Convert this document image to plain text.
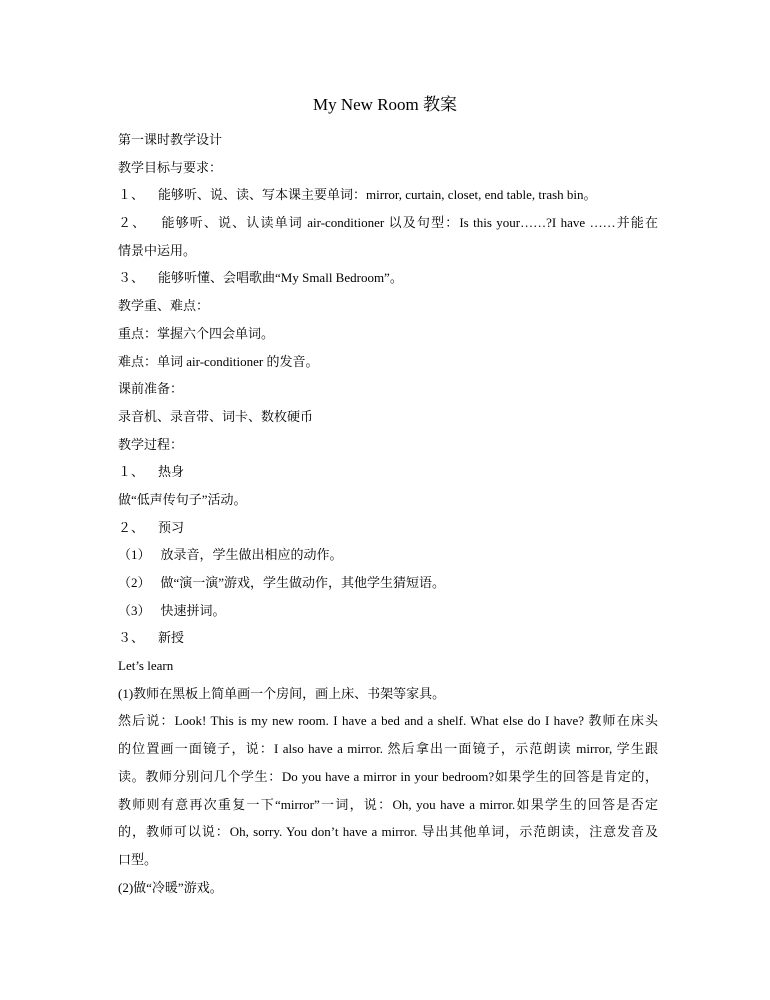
My New Room 教案
第一课时教学设计
教学目标与要求：
１、 能够听、说、读、写本课主要单词：mirror, curtain, closet, end table, trash bin。
２、 能够听、说、认读单词 air-conditioner 以及句型：Is this your……?I have ……并能在
情景中运用。
３、 能够听懂、会唱歌曲“My Small Bedroom”。
教学重、难点：
重点：掌握六个四会单词。
难点：单词 air-conditioner 的发音。
课前准备：
录音机、录音带、词卡、数枚硬币
教学过程：
１、 热身
做“低声传句子”活动。
２、 预习
（1） 放录音，学生做出相应的动作。
（2） 做“演一演”游戏，学生做动作，其他学生猜短语。
（3） 快速拼词。
３、 新授
Let’s learn
(1)教师在黑板上简单画一个房间，画上床、书架等家具。
然后说：Look! This is my new room. I have a bed and a shelf. What else do I have? 教师在床头
的位置画一面镜子，说：I also have a mirror. 然后拿出一面镜子，示范朗读 mirror, 学生跟
读。教师分别问几个学生：Do you have a mirror in your bedroom?如果学生的回答是肯定的，
教师则有意再次重复一下“mirror”一词，说：Oh, you have a mirror.如果学生的回答是否定
的，教师可以说：Oh, sorry. You don’t have a mirror. 导出其他单词，示范朗读，注意发音及
口型。
(2)做“冷暖”游戏。
